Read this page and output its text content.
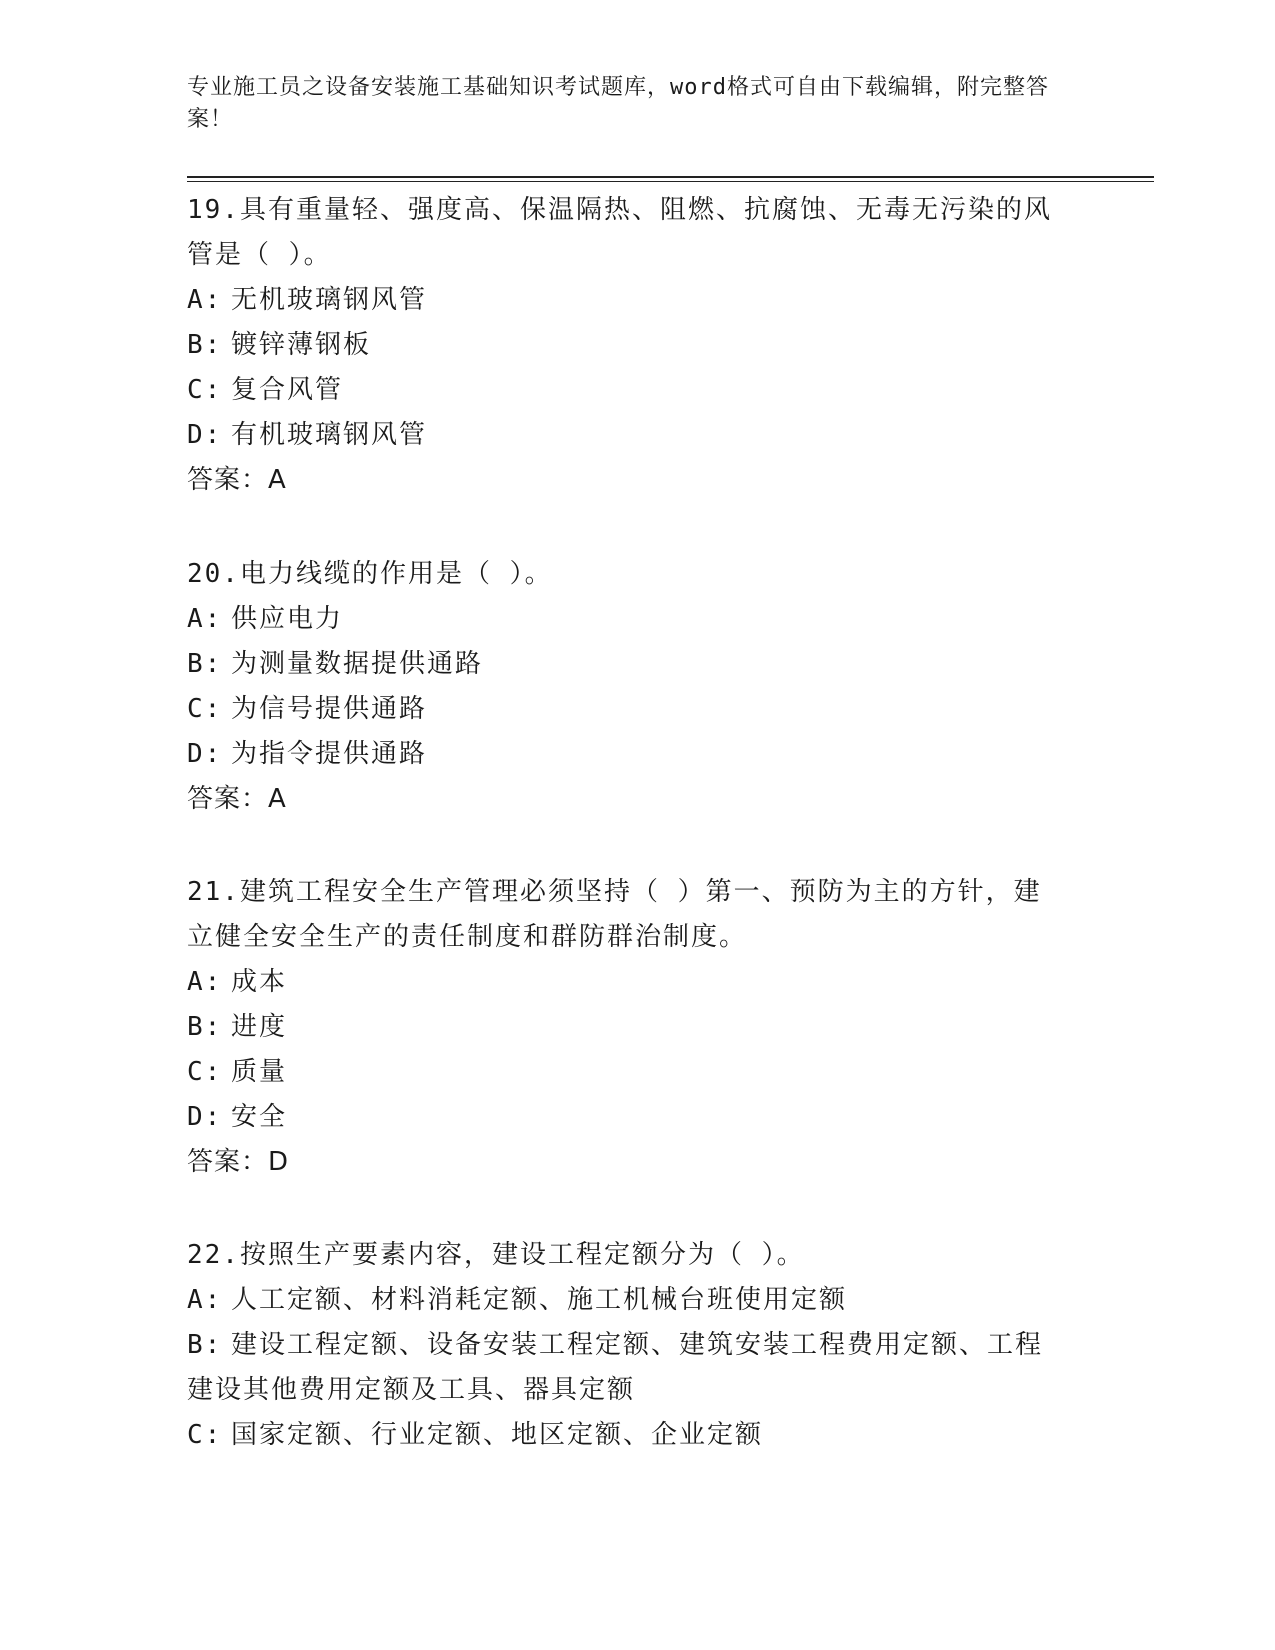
专业施工员之设备安装施工基础知识考试题库，word格式可自由下载编辑，附完整答案！
19.具有重量轻、强度高、保温隔热、阻燃、抗腐蚀、无毒无污染的风管是（ ）。
A: 无机玻璃钢风管
B: 镀锌薄钢板
C: 复合风管
D: 有机玻璃钢风管
答案：A
20.电力线缆的作用是（ ）。
A: 供应电力
B: 为测量数据提供通路
C: 为信号提供通路
D: 为指令提供通路
答案：A
21.建筑工程安全生产管理必须坚持（ ）第一、预防为主的方针，建立健全安全生产的责任制度和群防群治制度。
A: 成本
B: 进度
C: 质量
D: 安全
答案：D
22.按照生产要素内容，建设工程定额分为（ ）。
A: 人工定额、材料消耗定额、施工机械台班使用定额
B: 建设工程定额、设备安装工程定额、建筑安装工程费用定额、工程建设其他费用定额及工具、器具定额
C: 国家定额、行业定额、地区定额、企业定额
